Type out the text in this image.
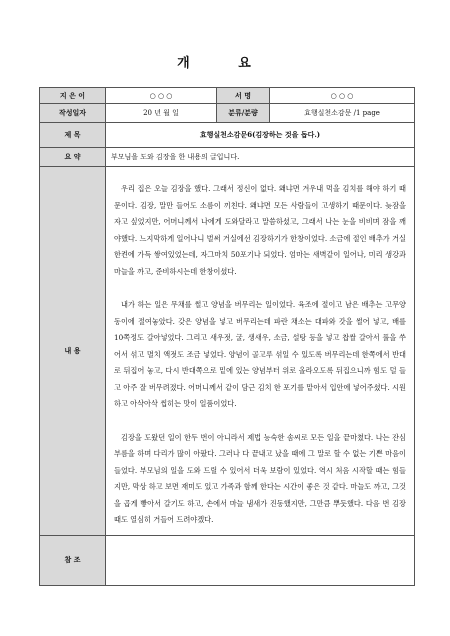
개 요
지 은 이	○ ○ ○	서 명	○ ○ ○
작성일자	20 년 월 일	분류/분량	효행실천소감문 /1 page
제 목	효행실천소감문6(김장하는 것을 돕다.)		
요 약	부모님을 도와 김장을 한 내용의 글입니다.		
내 용	우리 집은 오늘 김장을 했다. 그래서 정신이 없다. 왜냐면 겨우내 먹을 김치를 해야 하기 때문이다. 김장, 말만 들어도 소름이 끼친다. 왜냐면 모든 사람들이 고생하기 때문이다. 늦잠을 자고 싶었지만, 어머니께서 나에게 도와달라고 말씀하셨고, 그래서 나는 눈을 비비며 잠을 깨야했다. 느지막하게 일어나니 벌써 거실에선 김장하기가 한창이었다. 소금에 절인 배추가 거실 한켠에 가득 쌓여있었는데, 자그마치 50포기나 되었다. 엄마는 새벽같이 일어나, 미리 생강과 마늘을 까고, 준비하시는데 한창이셨다.

내가 하는 일은 무채를 썰고 양념을 버무리는 일이었다. 육조에 절이고 남은 배추는 고무양동이에 절여놓았다. 갖은 양념을 넣고 버무리는데 파란 채소는 대파와 갓을 썰어 넣고, 배를 10쪽정도 갈아넣었다. 그리고 새우젓, 굴, 생새우, 소금, 설탕 등을 넣고 찹쌀 갈아서 풀을 쑤어서 섞고 멸치 액젓도 조금 넣었다. 양념이 골고루 섞일 수 있도록 버무리는데 한쪽에서 반대로 뒤집어 놓고, 다시 반대쪽으로 밑에 있는 양념부터 위로 올라오도록 뒤집으니까 힘도 덜 들고 아주 잘 버무려졌다. 어머니께서 같이 담근 김치 한 포기를 맡아서 입안에 넣어주셨다. 시원하고 아삭아삭 씹히는 맛이 일품이었다.

김장을 도왔던 일이 한두 번이 아니라서 제법 능숙한 솜씨로 모든 일을 끝마쳤다. 나는 잔심부름을 하며 다리가 많이 아팠다. 그러나 다 끝내고 났을 때에 그 말로 할 수 없는 기쁜 마음이 들었다. 부모님의 일을 도와 드릴 수 있어서 더욱 보람이 있었다. 역시 처음 시작할 때는 힘들지만, 막상 하고 보면 재미도 있고 가족과 함께 한다는 시간이 좋은 것 같다. 마늘도 까고, 그것을 곱게 빻아서 갈기도 하고, 손에서 마늘 냄새가 진동했지만, 그만큼 뿌듯했다. 다음 번 김장때도 열심히 거들어 드려야겠다.		

참 조			
